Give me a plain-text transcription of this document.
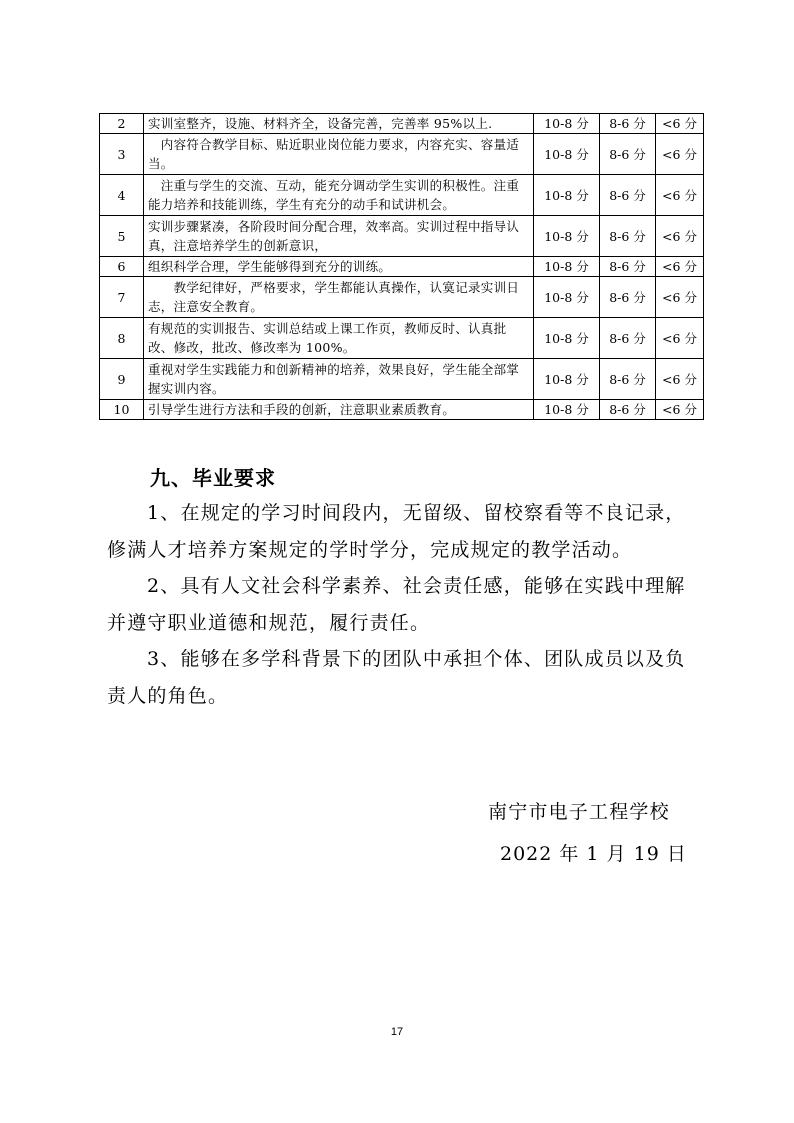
2	实训室整齐，设施、材料齐全，设备完善，完善率 95%以上.	10-8 分	8-6 分	<6 分
3	　内容符合教学目标、贴近职业岗位能力要求，内容充实、容量适当。	10-8 分	8-6 分	<6 分
4	　注重与学生的交流、互动，能充分调动学生实训的积极性。注重能力培养和技能训练，学生有充分的动手和试讲机会。	10-8 分	8-6 分	<6 分
5	实训步骤紧凑，各阶段时间分配合理，效率高。实训过程中指导认真，注意培养学生的创新意识，	10-8 分	8-6 分	<6 分
6	组织科学合理，学生能够得到充分的训练。	10-8 分	8-6 分	<6 分
7	　　教学纪律好，严格要求，学生都能认真操作，认寞记录实训日志，注意安全教育。	10-8 分	8-6 分	<6 分
8	有规范的实训报告、实训总结或上课工作页，教师反时、认真批改、修改，批改、修改率为 100%。	10-8 分	8-6 分	<6 分
9	重视对学生实践能力和创新精神的培养，效果良好，学生能全部掌握实训内容。	10-8 分	8-6 分	<6 分
10	引导学生进行方法和手段的创新，注意职业素质教育。	10-8 分	8-6 分	<6 分
九、毕业要求

1、在规定的学习时间段内，无留级、留校察看等不良记录，修满人才培养方案规定的学时学分，完成规定的教学活动。

2、具有人文社会科学素养、社会责任感，能够在实践中理解并遵守职业道德和规范，履行责任。

3、能够在多学科背景下的团队中承担个体、团队成员以及负责人的角色。

南宁市电子工程学校
2022 年 1 月 19 日
17
